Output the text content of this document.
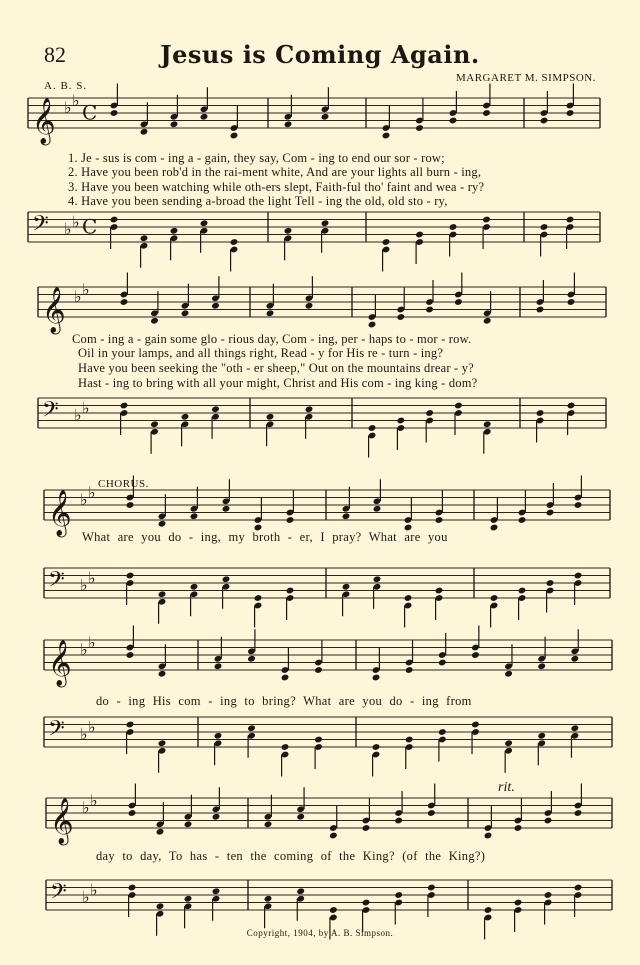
82	Jesus is Coming Again.
A. B. S.
MARGARET M. SIMPSON.
𝄞 ♭ ♭
𝄢 ♭ ♭
𝄞 ♭ ♭
𝄢 ♭ ♭
𝄞 ♭ ♭
𝄢 ♭ ♭
𝄞 ♭ ♭
𝄢 ♭ ♭
𝄞 ♭ ♭
𝄢 ♭ ♭
C
C
1. Je - sus is com - ing a - gain, they say, Com - ing to end our sor - row;
2. Have you been rob'd in the rai-ment white, And are your lights all burn - ing,
3. Have you been watching while oth-ers slept, Faith-ful tho' faint and wea - ry?
4. Have you been sending a-broad the light Tell - ing the old, old sto - ry,
Com - ing a - gain some glo - rious day, Com - ing, per - haps to - mor - row.
Oil in your lamps, and all things right, Read - y for His re - turn - ing?
Have you been seeking the "oth - er sheep," Out on the mountains drear - y?
Hast - ing to bring with all your might, Christ and His com - ing king - dom?
CHORUS.
What are you do - ing, my broth - er, I pray? What are you
do - ing His com - ing to bring? What are you do - ing from
day to day, To has - ten the coming of the King? (of the King?)
rit.
Copyright, 1904, by A. B. Simpson.
